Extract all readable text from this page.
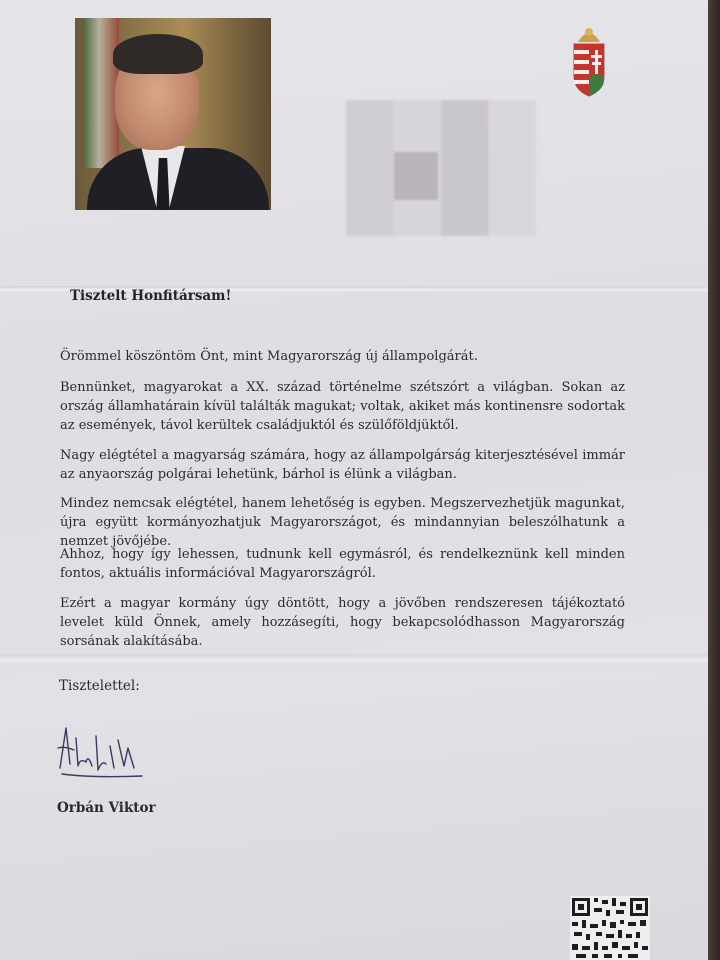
Tisztelt Honfitársam!
Örömmel köszöntöm Önt, mint Magyarország új állampolgárát.
Bennünket, magyarokat a XX. század történelme szétszórt a világban. Sokan az ország államhatárain kívül találták magukat; voltak, akiket más kontinensre sodortak az események, távol kerültek családjuktól és szülőföldjüktől.
Nagy elégtétel a magyarság számára, hogy az állampolgárság kiterjesztésével immár az anyaország polgárai lehetünk, bárhol is élünk a világban.
Mindez nemcsak elégtétel, hanem lehetőség is egyben. Megszervezhetjük magunkat, újra együtt kormányozhatjuk Magyarországot, és mindannyian beleszólhatunk a nemzet jövőjébe.
Ahhoz, hogy így lehessen, tudnunk kell egymásról, és rendelkeznünk kell minden fontos, aktuális információval Magyarországról.
Ezért a magyar kormány úgy döntött, hogy a jövőben rendszeresen tájékoztató levelet küld Önnek, amely hozzásegíti, hogy bekapcsolódhasson Magyarország sorsának alakításába.
Tisztelettel:
Orbán Viktor
